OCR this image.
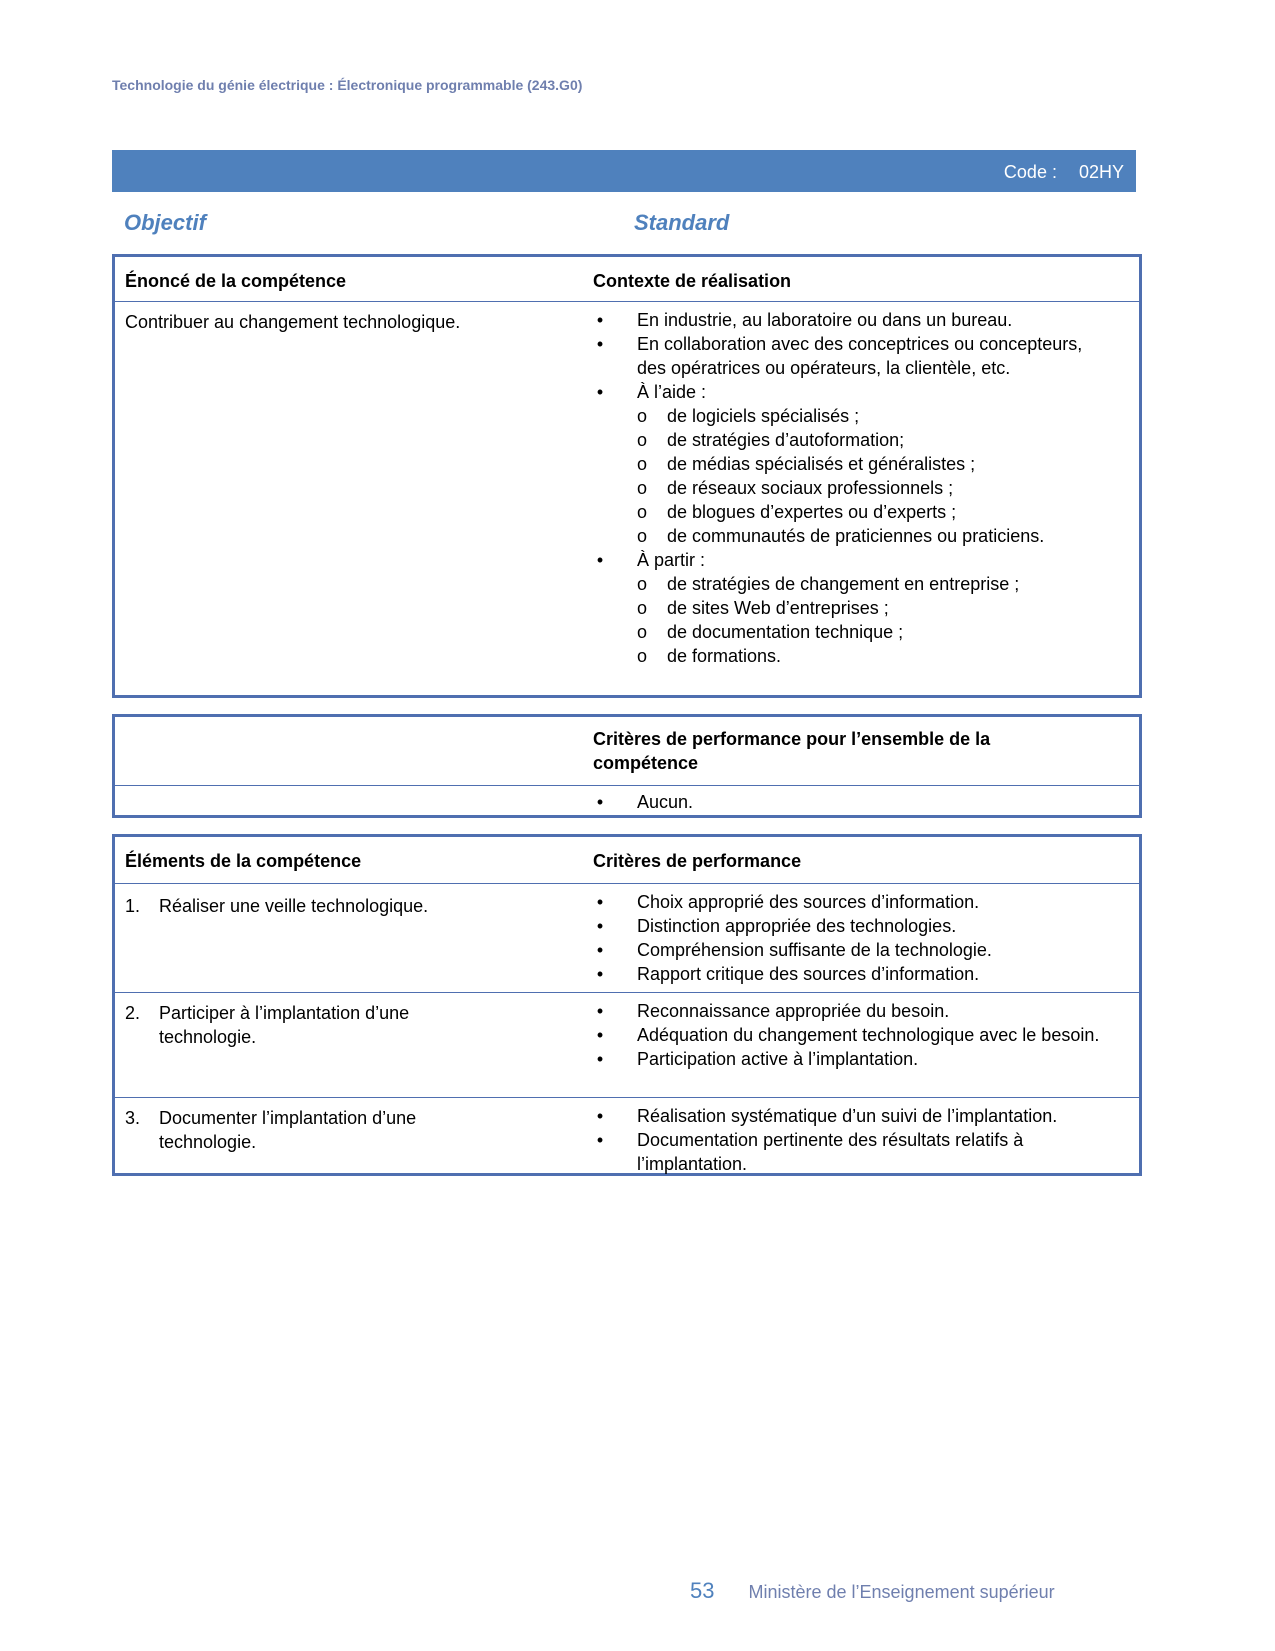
Technologie du génie électrique : Électronique programmable (243.G0)
Code : 02HY
Objectif	Standard
Énoncé de la compétence	Contexte de réalisation
Contribuer au changement technologique.	• En industrie, au laboratoire ou dans un bureau.
• En collaboration avec des conceptrices ou concepteurs, des opératrices ou opérateurs, la clientèle, etc.
• À l’aide :
o de logiciels spécialisés ;
o de stratégies d’autoformation;
o de médias spécialisés et généralistes ;
o de réseaux sociaux professionnels ;
o de blogues d’expertes ou d’experts ;
o de communautés de praticiennes ou praticiens.
• À partir :
o de stratégies de changement en entreprise ;
o de sites Web d’entreprises ;
o de documentation technique ;
o de formations.
Critères de performance pour l’ensemble de la compétence
• Aucun.
Éléments de la compétence	Critères de performance
1. Réaliser une veille technologique.	• Choix approprié des sources d’information.
• Distinction appropriée des technologies.
• Compréhension suffisante de la technologie.
• Rapport critique des sources d’information.
2. Participer à l’implantation d’une technologie.
• Reconnaissance appropriée du besoin.
• Adéquation du changement technologique avec le besoin.
• Participation active à l’implantation.
3. Documenter l’implantation d’une technologie.
• Réalisation systématique d’un suivi de l’implantation.
• Documentation pertinente des résultats relatifs à l’implantation.
53 Ministère de l’Enseignement supérieur
